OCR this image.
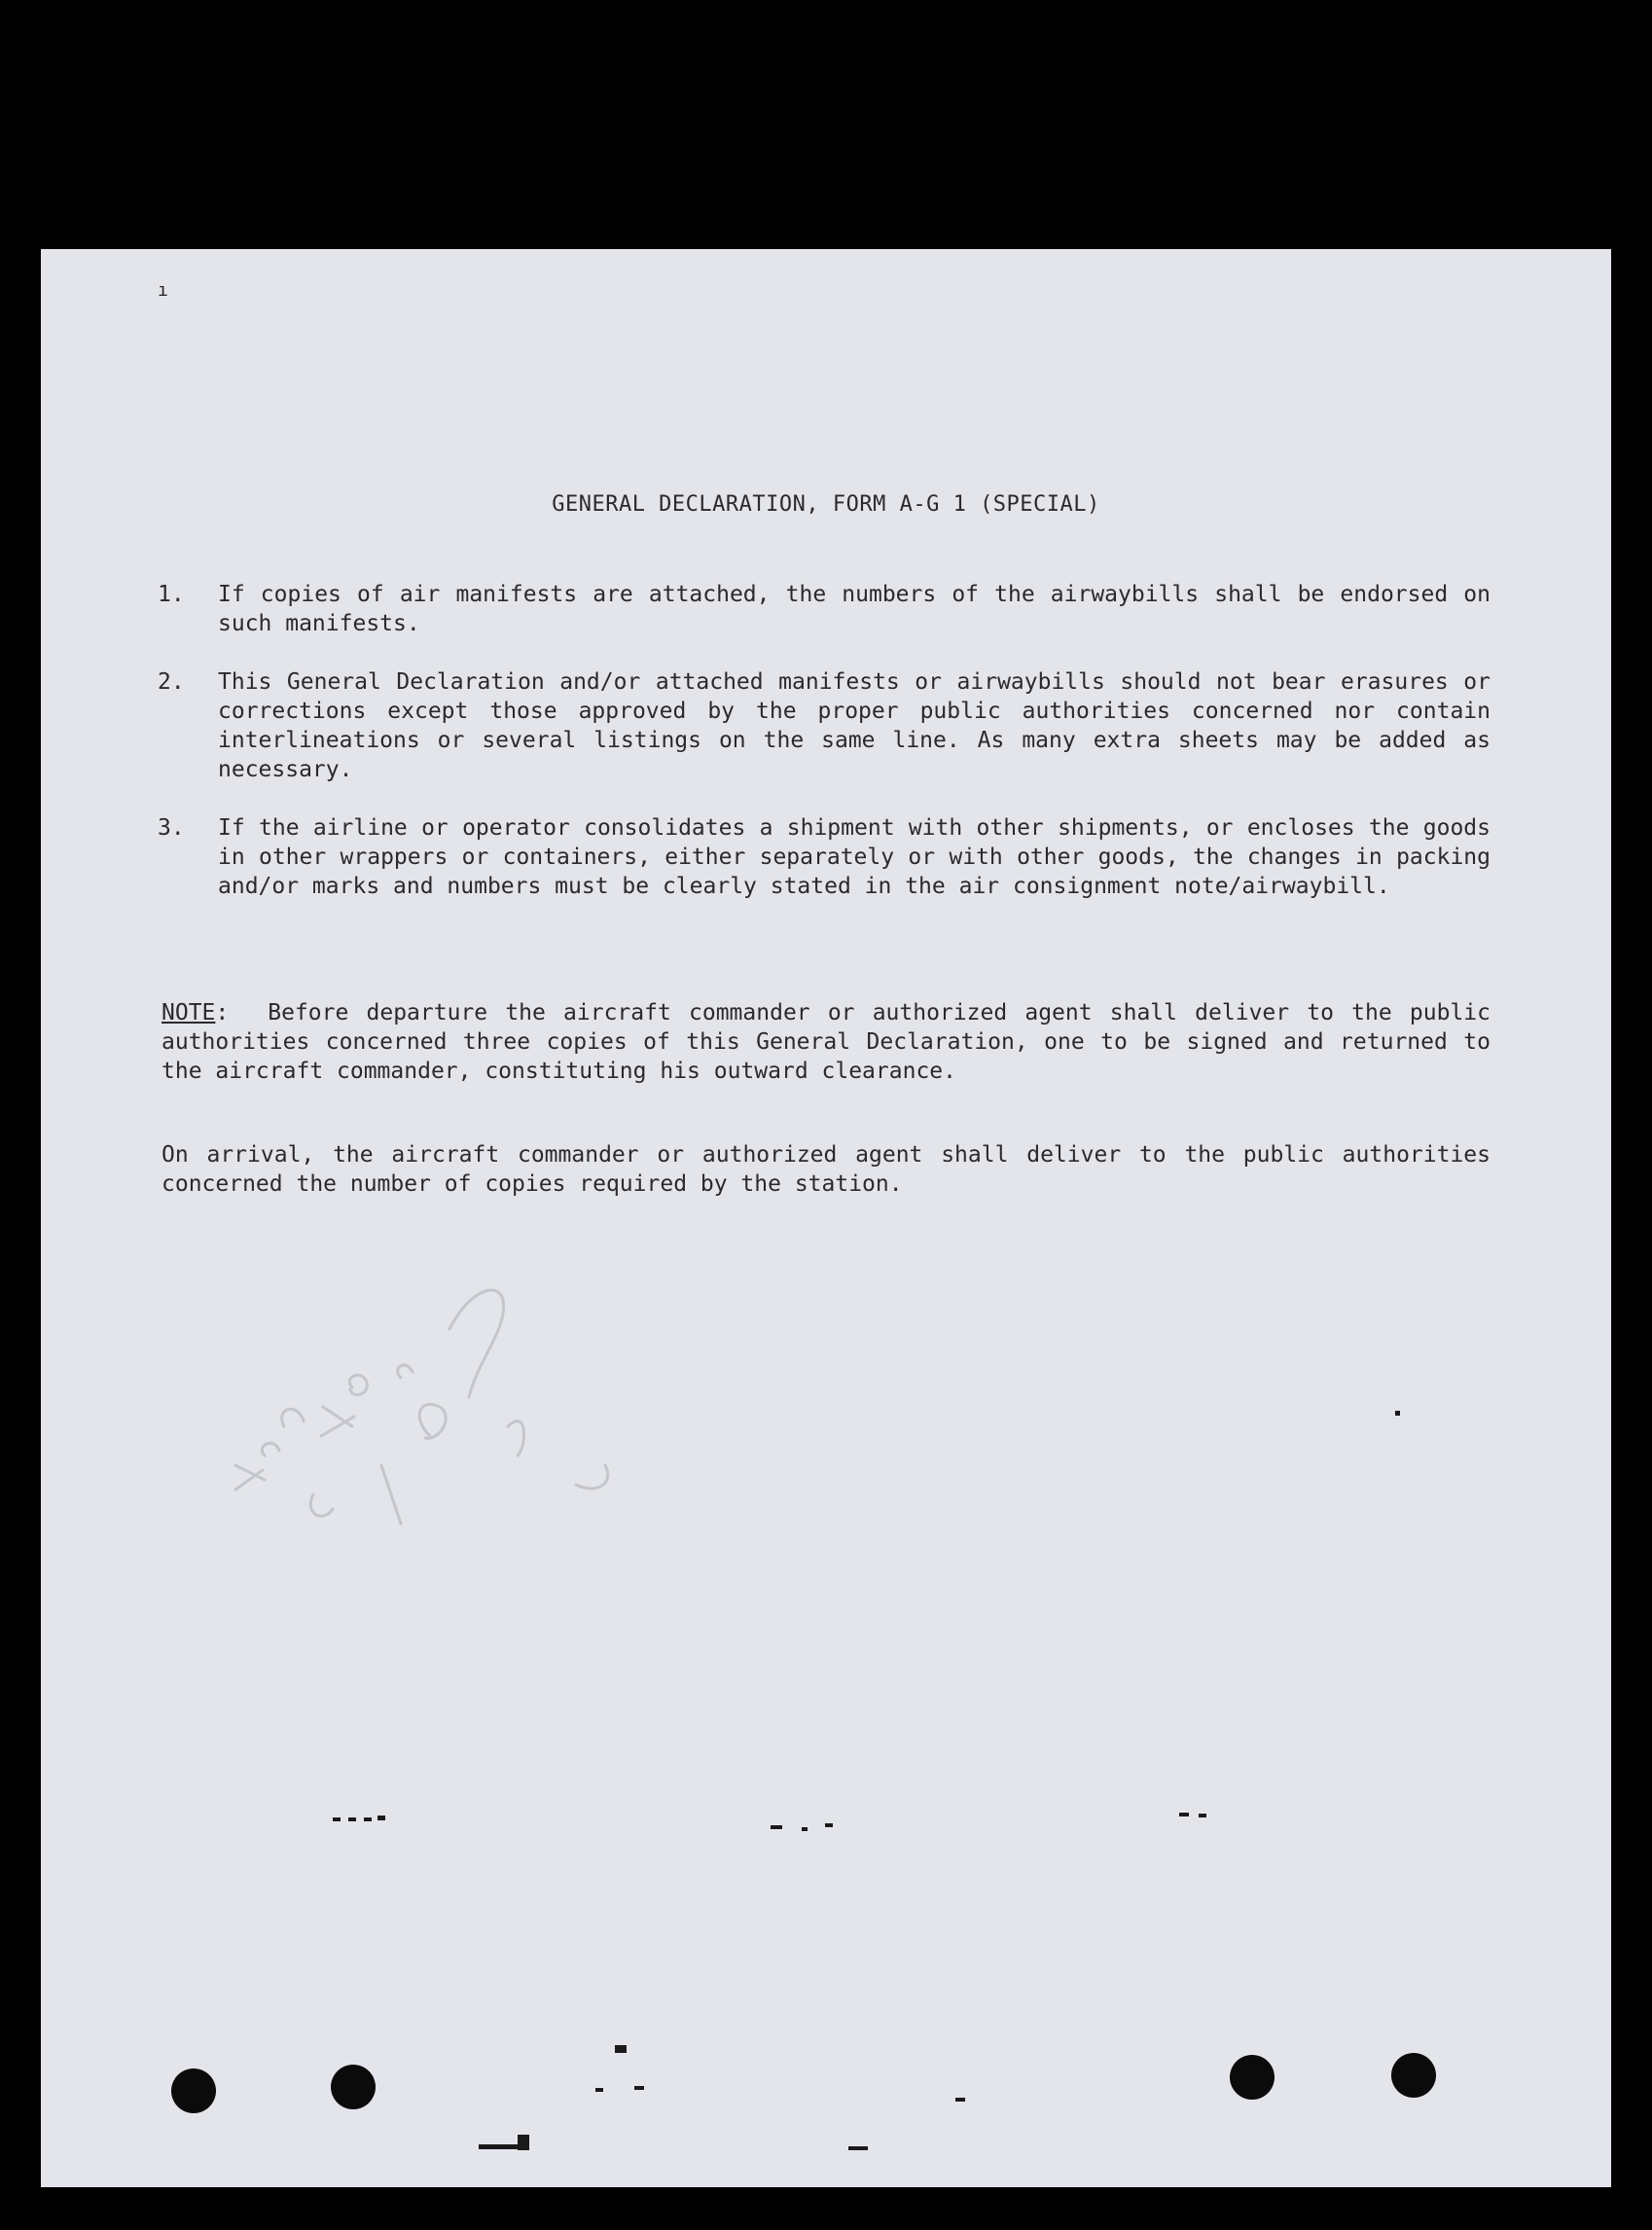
ı
GENERAL DECLARATION, FORM A-G 1 (SPECIAL)
1.	If copies of air manifests are attached, the numbers of the airwaybills shall be endorsed on such manifests.
2.	This General Declaration and/or attached manifests or airwaybills should not bear erasures or corrections except those approved by the proper public authorities concerned nor contain interlineations or several listings on the same line. As many extra sheets may be added as necessary.
3.	If the airline or operator consolidates a shipment with other shipments, or encloses the goods in other wrappers or containers, either separately or with other goods, the changes in packing and/or marks and numbers must be clearly stated in the air consignment note/airwaybill.
NOTE: Before departure the aircraft commander or authorized agent shall deliver to the public authorities concerned three copies of this General Declaration, one to be signed and returned to the aircraft commander, constituting his outward clearance.
On arrival, the aircraft commander or authorized agent shall deliver to the public authorities concerned the number of copies required by the station.
